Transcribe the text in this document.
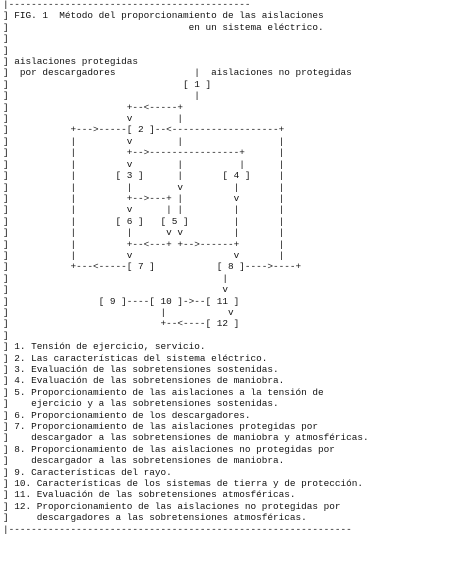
|-------------------------------------------
] FIG. 1  Método del proporcionamiento de las aislaciones
]                                en un sistema eléctrico.
]
]
] aislaciones protegidas
]  por descargadores              |  aislaciones no protegidas
]                               [ 1 ]
]                                 |
]                     +--<-----+
]                     v        |
]           +--->-----[ 2 ]--<-------------------+
]           |         v        |                 |
]           |         +-->----------------+      |
]           |         v        |          |      |
]           |       [ 3 ]      |       [ 4 ]     |
]           |         |        v         |       |
]           |         +-->---+ |         v       |
]           |         v      | |         |       |
]           |       [ 6 ]   [ 5 ]        |       |
]           |         |      v v         |       |
]           |         +--<---+ +-->------+       |
]           |         v                  v       |
]           +---<-----[ 7 ]           [ 8 ]---->----+
]                                      |
]                                      v
]                [ 9 ]----[ 10 ]->--[ 11 ]
]                           |           v
]                           +--<----[ 12 ]
]
] 1. Tensión de ejercicio, servicio.
] 2. Las características del sistema eléctrico.
] 3. Evaluación de las sobretensiones sostenidas.
] 4. Evaluación de las sobretensiones de maniobra.
] 5. Proporcionamiento de las aislaciones a la tensión de
]    ejercicio y a las sobretensiones sostenidas.
] 6. Proporcionamiento de los descargadores.
] 7. Proporcionamiento de las aislaciones protegidas por
]    descargador a las sobretensiones de maniobra y atmosféricas.
] 8. Proporcionamiento de las aislaciones no protegidas por
]    descargador a las sobretensiones de maniobra.
] 9. Características del rayo.
] 10. Características de los sistemas de tierra y de protección.
] 11. Evaluación de las sobretensiones atmosféricas.
] 12. Proporcionamiento de las aislaciones no protegidas por
]     descargadores a las sobretensiones atmosféricas.
|-------------------------------------------------------------
